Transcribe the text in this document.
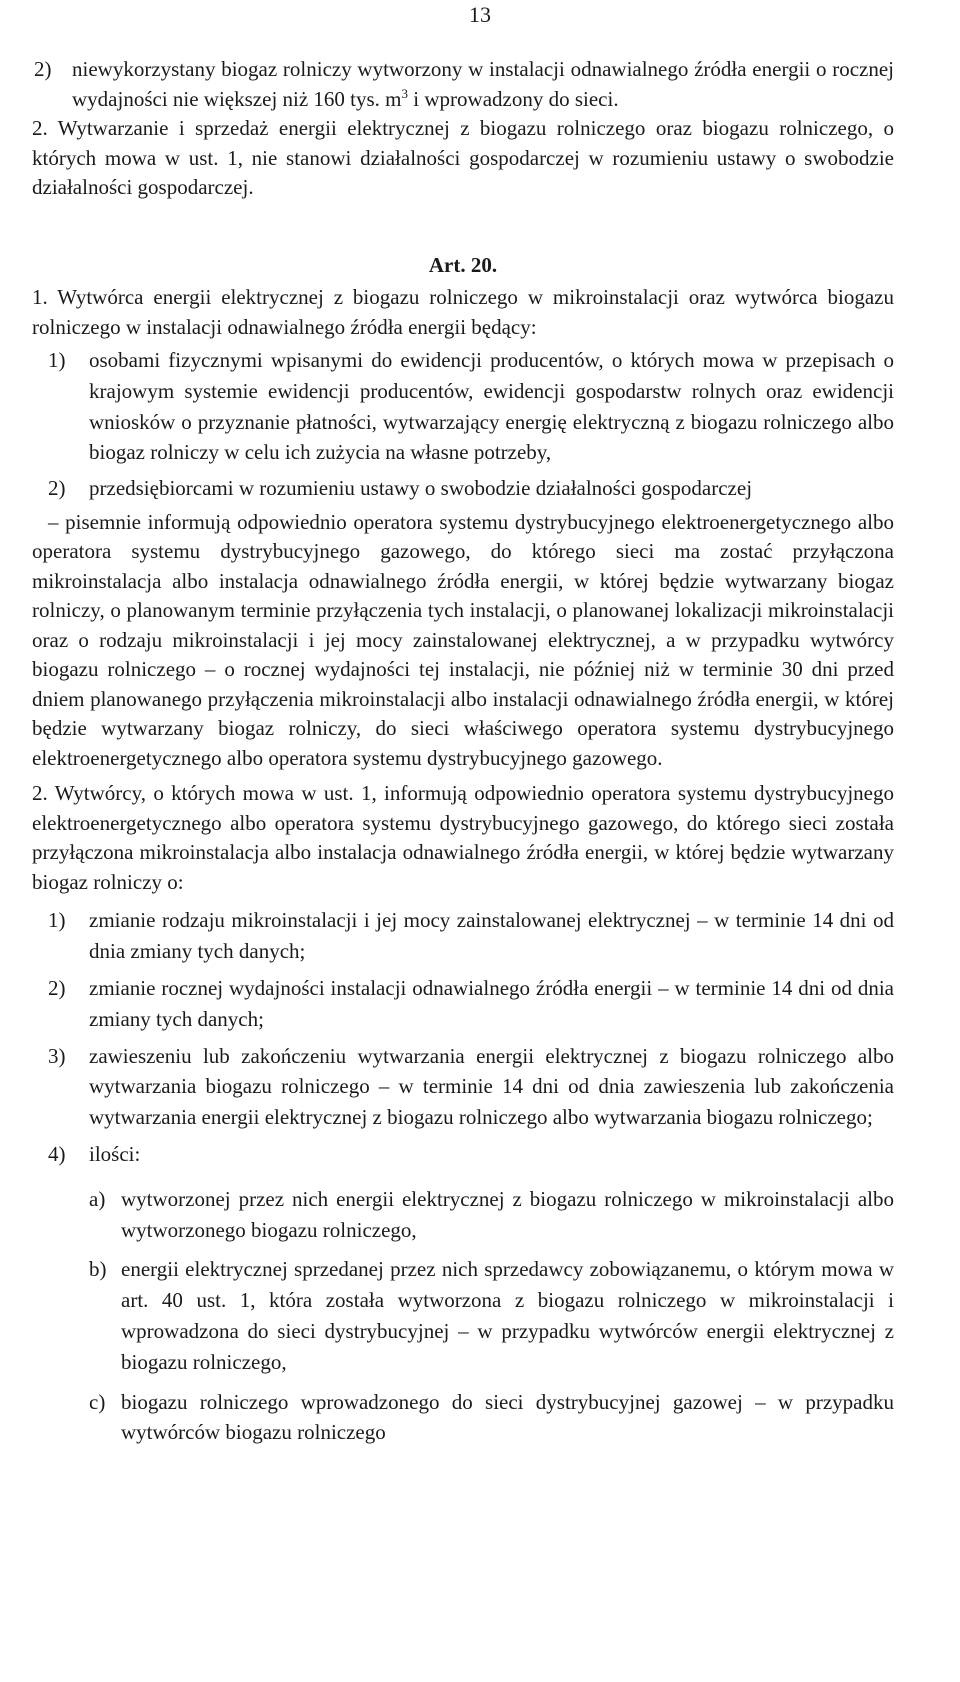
13
2) niewykorzystany biogaz rolniczy wytworzony w instalacji odnawialnego źródła energii o rocznej wydajności nie większej niż 160 tys. $m^3$ i wprowadzony do sieci.

2. Wytwarzanie i sprzedaż energii elektrycznej z biogazu rolniczego oraz biogazu rolniczego, o których mowa w ust. 1, nie stanowi działalności gospodarczej w rozumieniu ustawy o swobodzie działalności gospodarczej.

Art. 20.

1. Wytwórca energii elektrycznej z biogazu rolniczego w mikroinstalacji oraz wytwórca biogazu rolniczego w instalacji odnawialnego źródła energii będący:

1) osobami fizycznymi wpisanymi do ewidencji producentów, o których mowa w przepisach o krajowym systemie ewidencji producentów, ewidencji gospodarstw rolnych oraz ewidencji wniosków o przyznanie płatności, wytwarzający energię elektryczną z biogazu rolniczego albo biogaz rolniczy w celu ich zużycia na własne potrzeby,

2) przedsiębiorcami w rozumieniu ustawy o swobodzie działalności gospodarczej

– pisemnie informują odpowiednio operatora systemu dystrybucyjnego elektroenergetycznego albo operatora systemu dystrybucyjnego gazowego, do którego sieci ma zostać przyłączona mikroinstalacja albo instalacja odnawialnego źródła energii, w której będzie wytwarzany biogaz rolniczy, o planowanym terminie przyłączenia tych instalacji, o planowanej lokalizacji mikroinstalacji oraz o rodzaju mikroinstalacji i jej mocy zainstalowanej elektrycznej, a w przypadku wytwórcy biogazu rolniczego – o rocznej wydajności tej instalacji, nie później niż w terminie 30 dni przed dniem planowanego przyłączenia mikroinstalacji albo instalacji odnawialnego źródła energii, w której będzie wytwarzany biogaz rolniczy, do sieci właściwego operatora systemu dystrybucyjnego elektroenergetycznego albo operatora systemu dystrybucyjnego gazowego.

2. Wytwórcy, o których mowa w ust. 1, informują odpowiednio operatora systemu dystrybucyjnego elektroenergetycznego albo operatora systemu dystrybucyjnego gazowego, do którego sieci została przyłączona mikroinstalacja albo instalacja odnawialnego źródła energii, w której będzie wytwarzany biogaz rolniczy o:

1) zmianie rodzaju mikroinstalacji i jej mocy zainstalowanej elektrycznej – w terminie 14 dni od dnia zmiany tych danych;

2) zmianie rocznej wydajności instalacji odnawialnego źródła energii – w terminie 14 dni od dnia zmiany tych danych;

3) zawieszeniu lub zakończeniu wytwarzania energii elektrycznej z biogazu rolniczego albo wytwarzania biogazu rolniczego – w terminie 14 dni od dnia zawieszenia lub zakończenia wytwarzania energii elektrycznej z biogazu rolniczego albo wytwarzania biogazu rolniczego;

4) ilości:

a) wytworzonej przez nich energii elektrycznej z biogazu rolniczego w mikroinstalacji albo wytworzonego biogazu rolniczego,

b) energii elektrycznej sprzedanej przez nich sprzedawcy zobowiązanemu, o którym mowa w art. 40 ust. 1, która została wytworzona z biogazu rolniczego w mikroinstalacji i wprowadzona do sieci dystrybucyjnej – w przypadku wytwórców energii elektrycznej z biogazu rolniczego,

c) biogazu rolniczego wprowadzonego do sieci dystrybucyjnej gazowej – w przypadku wytwórców biogazu rolniczego
